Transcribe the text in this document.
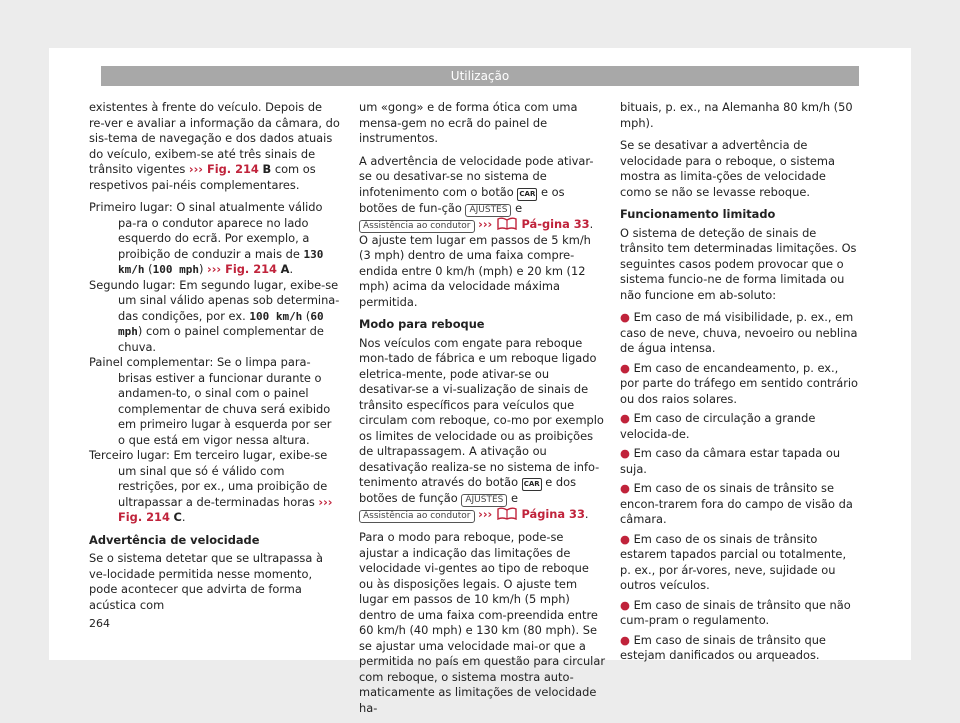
Utilização

existentes à frente do veículo. Depois de re-ver e avaliar a informação da câmara, do sis-tema de navegação e dos dados atuais do veículo, exibem-se até três sinais de trânsito vigentes ››› Fig. 214 B com os respetivos pai-néis complementares.

Primeiro lugar: O sinal atualmente válido pa-ra o condutor aparece no lado esquerdo do ecrã. Por exemplo, a proibição de conduzir a mais de 130 km/h (100 mph) ››› Fig. 214 A.

Segundo lugar: Em segundo lugar, exibe-se um sinal válido apenas sob determina-das condições, por ex. 100 km/h (60 mph) com o painel complementar de chuva.

Painel complementar: Se o limpa para-brisas estiver a funcionar durante o andamen-to, o sinal com o painel complementar de chuva será exibido em primeiro lugar à esquerda por ser o que está em vigor nessa altura.

Terceiro lugar: Em terceiro lugar, exibe-se um sinal que só é válido com restrições, por ex., uma proibição de ultrapassar a de-terminadas horas ››› Fig. 214 C.

Advertência de velocidade

Se o sistema detetar que se ultrapassa à ve-locidade permitida nesse momento, pode acontecer que advirta de forma acústica com

um «gong» e de forma ótica com uma mensa-gem no ecrã do painel de instrumentos.

A advertência de velocidade pode ativar-se ou desativar-se no sistema de infotenimento com o botão CAR e os botões de fun-ção AJUSTES e Assistência ao condutor ›››	Pá-gina 33. O ajuste tem lugar em passos de 5 km/h (3 mph) dentro de uma faixa compre-endida entre 0 km/h (mph) e 20 km (12 mph) acima da velocidade máxima permitida.

Modo para reboque

Nos veículos com engate para reboque mon-tado de fábrica e um reboque ligado eletrica-mente, pode ativar-se ou desativar-se a vi-sualização de sinais de trânsito específicos para veículos que circulam com reboque, co-mo por exemplo os limites de velocidade ou as proibições de ultrapassagem. A ativação ou desativação realiza-se no sistema de info-tenimento através do botão CAR e dos botões de função AJUSTES e Assistência ao condutor ›››	Página 33.

Para o modo para reboque, pode-se ajustar a indicação das limitações de velocidade vi-gentes ao tipo de reboque ou às disposições legais. O ajuste tem lugar em passos de 10 km/h (5 mph) dentro de uma faixa com-preendida entre 60 km/h (40 mph) e 130 km (80 mph). Se se ajustar uma velocidade mai-or que a permitida no país em questão para circular com reboque, o sistema mostra auto-maticamente as limitações de velocidade ha-

bituais, p. ex., na Alemanha 80 km/h (50 mph).

Se se desativar a advertência de velocidade para o reboque, o sistema mostra as limita-ções de velocidade como se não se levasse reboque.

Funcionamento limitado

O sistema de deteção de sinais de trânsito tem determinadas limitações. Os seguintes casos podem provocar que o sistema funcio-ne de forma limitada ou não funcione em ab-soluto:

● Em caso de má visibilidade, p. ex., em caso de neve, chuva, nevoeiro ou neblina de água intensa.
● Em caso de encandeamento, p. ex., por parte do tráfego em sentido contrário ou dos raios solares.
● Em caso de circulação a grande velocida-de.
● Em caso da câmara estar tapada ou suja.
● Em caso de os sinais de trânsito se encon-trarem fora do campo de visão da câmara.
● Em caso de os sinais de trânsito estarem tapados parcial ou totalmente, p. ex., por ár-vores, neve, sujidade ou outros veículos.
● Em caso de sinais de trânsito que não cum-pram o regulamento.
● Em caso de sinais de trânsito que estejam danificados ou arqueados.
264
